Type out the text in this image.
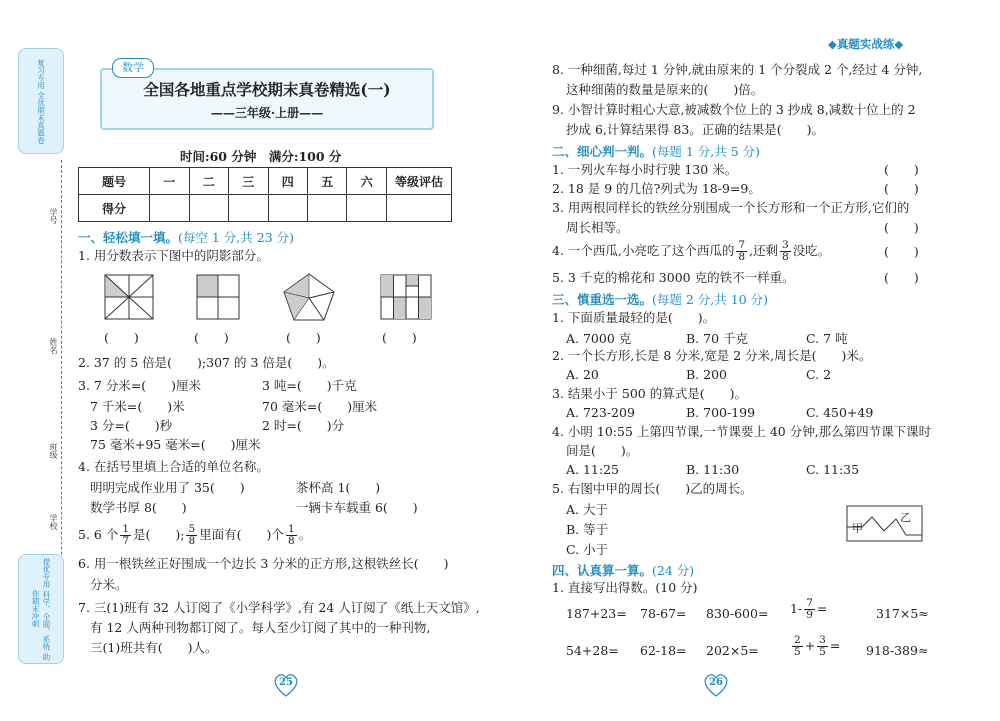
复习专用 全优期末真题卷
学号
姓名
班级
学校
提优专用 科学、全面、系统 助你期末冲刺
数学
全国各地重点学校期末真卷精选(一)
——三年级·上册——
时间:60 分钟　满分:100 分
题号	一	二	三	四	五	六	等级评估
得分							
一、轻松填一填。(每空 1 分,共 23 分)
1. 用分数表示下图中的阴影部分。
(　　)	(　　)	(　　)	(　　)
2. 37 的 5 倍是(　　);307 的 3 倍是(　　)。
3. 7 分米=(　　)厘米	3 吨=(　　)千克
7 千米=(　　)米	70 毫米=(　　)厘米
3 分=(　　)秒	2 时=(　　)分
75 毫米+95 毫米=(　　)厘米
4. 在括号里填上合适的单位名称。
明明完成作业用了 35(　　)	茶杯高 1(　　)
数学书厚 8(　　)	一辆卡车载重 6(　　)
5. 6 个 $\frac{1}{7}$ 是(　　); $\frac{5}{8}$ 里面有(　　)个 $\frac{1}{8}$ 。
6. 用一根铁丝正好围成一个边长 3 分米的正方形,这根铁丝长(　　)
分米。
7. 三(1)班有 32 人订阅了《小学科学》,有 24 人订阅了《纸上天文馆》,
有 12 人两种刊物都订阅了。每人至少订阅了其中的一种刊物,
三(1)班共有(　　)人。
25
◆真题实战练◆
8. 一种细菌,每过 1 分钟,就由原来的 1 个分裂成 2 个,经过 4 分钟,
这种细菌的数量是原来的(　　)倍。
9. 小智计算时粗心大意,被减数个位上的 3 抄成 8,减数十位上的 2
抄成 6,计算结果得 83。正确的结果是(　　)。
二、细心判一判。(每题 1 分,共 5 分)
1. 一列火车每小时行驶 130 米。	(　　)
2. 18 是 9 的几倍?列式为 18-9=9。	(　　)
3. 用两根同样长的铁丝分别围成一个长方形和一个正方形,它们的
周长相等。	(　　)
4. 一个西瓜,小亮吃了这个西瓜的 $\frac{7}{8}$ ,还剩 $\frac{3}{8}$ 没吃。	(　　)
5. 3 千克的棉花和 3000 克的铁不一样重。	(　　)
三、慎重选一选。(每题 2 分,共 10 分)
1. 下面质量最轻的是(　　)。
A. 7000 克	B. 70 千克	C. 7 吨
2. 一个长方形,长是 8 分米,宽是 2 分米,周长是(　　)米。
A. 20	B. 200	C. 2
3. 结果小于 500 的算式是(　　)。
A. 723-209	B. 700-199	C. 450+49
4. 小明 10:55 上第四节课,一节课要上 40 分钟,那么第四节课下课时
间是(　　)。
A. 11:25	B. 11:30	C. 11:35
5. 右图中甲的周长(　　)乙的周长。
A. 大于
B. 等于
C. 小于
甲
乙
四、认真算一算。(24 分)
1. 直接写出得数。(10 分)
$187+23= 78-67= 830-600= 1- \frac{7}{9}$ =	317×5≈
54+28= 62-18= 202×5=	$\frac{2}{5} + \frac{3}{5} = 918-389\approx$
26
